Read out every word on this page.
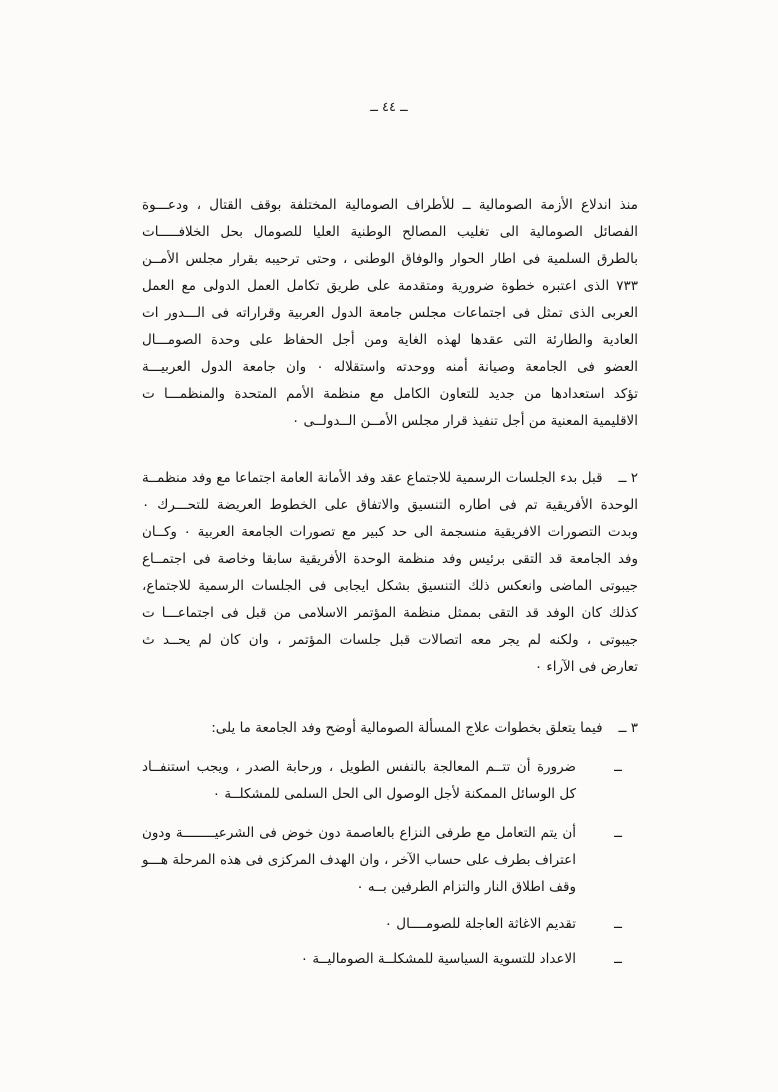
ــ ٤٤ ــ
منذ اندلاع الأزمة الصومالية ــ للأطراف الصومالية المختلفة بوقف القتال ، ودعـــوة
الفصائل الصومالية الى تغليب المصالح الوطنية العليا للصومال بحل الخلافـــــات
بالطرق السلمية فى اطار الحوار والوفاق الوطنى ، وحتى ترحيبه بقرار مجلس الأمــن
٧٣٣ الذى اعتبره خطوة ضرورية ومتقدمة على طريق تكامل العمل الدولى مع العمل
العربى الذى تمثل فى اجتماعات مجلس جامعة الدول العربية وقراراته فى الـــدور ات
العادية والطارئة التى عقدها لهذه الغاية ومن أجل الحفاظ على وحدة الصومـــال
العضو فى الجامعة وصيانة أمنه ووحدته واستقلاله ٠ وان جامعة الدول العربيـــة
تؤكد استعدادها من جديد للتعاون الكامل مع منظمة الأمم المتحدة والمنظمـــا ت
الاقليمية المعنية من أجل تنفيذ قرار مجلس الأمــن الــدولــى ٠
٢ ــقبل بدء الجلسات الرسمية للاجتماع عقد وفد الأمانة العامة اجتماعا مع وفد منظمــة
الوحدة الأفريقية تم فى اطاره التنسيق والاتفاق على الخطوط العريضة للتحـــرك ٠
وبدت التصورات الافريقية منسجمة الى حد كبير مع تصورات الجامعة العربية ٠ وكــان
وفد الجامعة قد التقى برئيس وفد منظمة الوحدة الأفريقية سابقا وخاصة فى اجتمــاع
جيبوتى الماضى وانعكس ذلك التنسيق بشكل ايجابى فى الجلسات الرسمية للاجتماع،
كذلك كان الوفد قد التقى بممثل منظمة المؤتمر الاسلامى من قبل فى اجتماعـــا ت
جيبوتى ، ولكنه لم يجر معه اتصالات قبل جلسات المؤتمر ، وان كان لم يحــد ث
تعارض فى الآراء ٠
٣ ــفيما يتعلق بخطوات علاج المسألة الصومالية أوضح وفد الجامعة ما يلى:
ــ
ضرورة أن تتــم المعالجة بالنفس الطويل ، ورحابة الصدر ، ويجب استنفــاد
كل الوسائل الممكنة لأجل الوصول الى الحل السلمى للمشكلــة ٠
ــ
أن يتم التعامل مع طرفى النزاع بالعاصمة دون خوض فى الشرعيــــــــة ودون
اعتراف بطرف على حساب الآخر ، وان الهدف المركزى فى هذه المرحلة هـــو
وقف اطلاق النار والتزام الطرفين بــه ٠
ــ
تقديم الاغاثة العاجلة للصومــــال ٠
ــ
الاعداد للتسوية السياسية للمشكلــة الصوماليــة ٠
